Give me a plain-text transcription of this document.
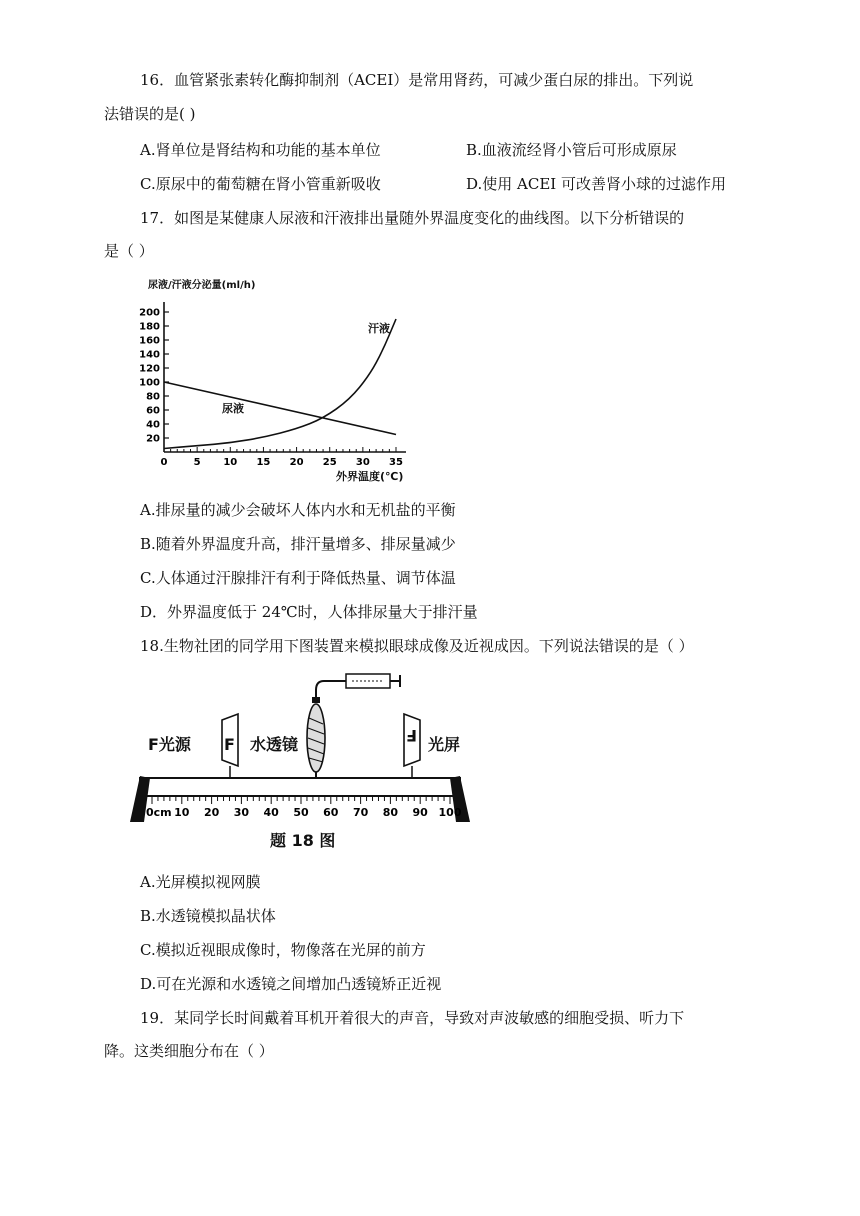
16．血管紧张素转化酶抑制剂（ACEI）是常用肾药，可减少蛋白尿的排出。下列说
法错误的是( )
A.肾单位是肾结构和功能的基本单位	B.血液流经肾小管后可形成原尿
C.原尿中的葡萄糖在肾小管重新吸收	D.使用 ACEI 可改善肾小球的过滤作用
17．如图是某健康人尿液和汗液排出量随外界温度变化的曲线图。以下分析错误的
是（ ）
尿液/汗液分泌量(ml/h)
200
180
160
140
120
100
80
60
40
20
0	5 10 15 20 25 30 35
汗液
尿液
外界温度(℃)
A.排尿量的减少会破坏人体内水和无机盐的平衡
B.随着外界温度升高，排汗量增多、排尿量减少
C.人体通过汗腺排汗有利于降低热量、调节体温
D．外界温度低于 24℃时，人体排尿量大于排汗量
18.生物社团的同学用下图装置来模拟眼球成像及近视成因。下列说法错误的是（ ）
F	F
F光源	水透镜	光屏
0cm 10 20 30 40 50 60 70 80 90 100
题 18 图
A.光屏模拟视网膜
B.水透镜模拟晶状体
C.模拟近视眼成像时，物像落在光屏的前方
D.可在光源和水透镜之间增加凸透镜矫正近视
19．某同学长时间戴着耳机开着很大的声音，导致对声波敏感的细胞受损、听力下
降。这类细胞分布在（ ）
